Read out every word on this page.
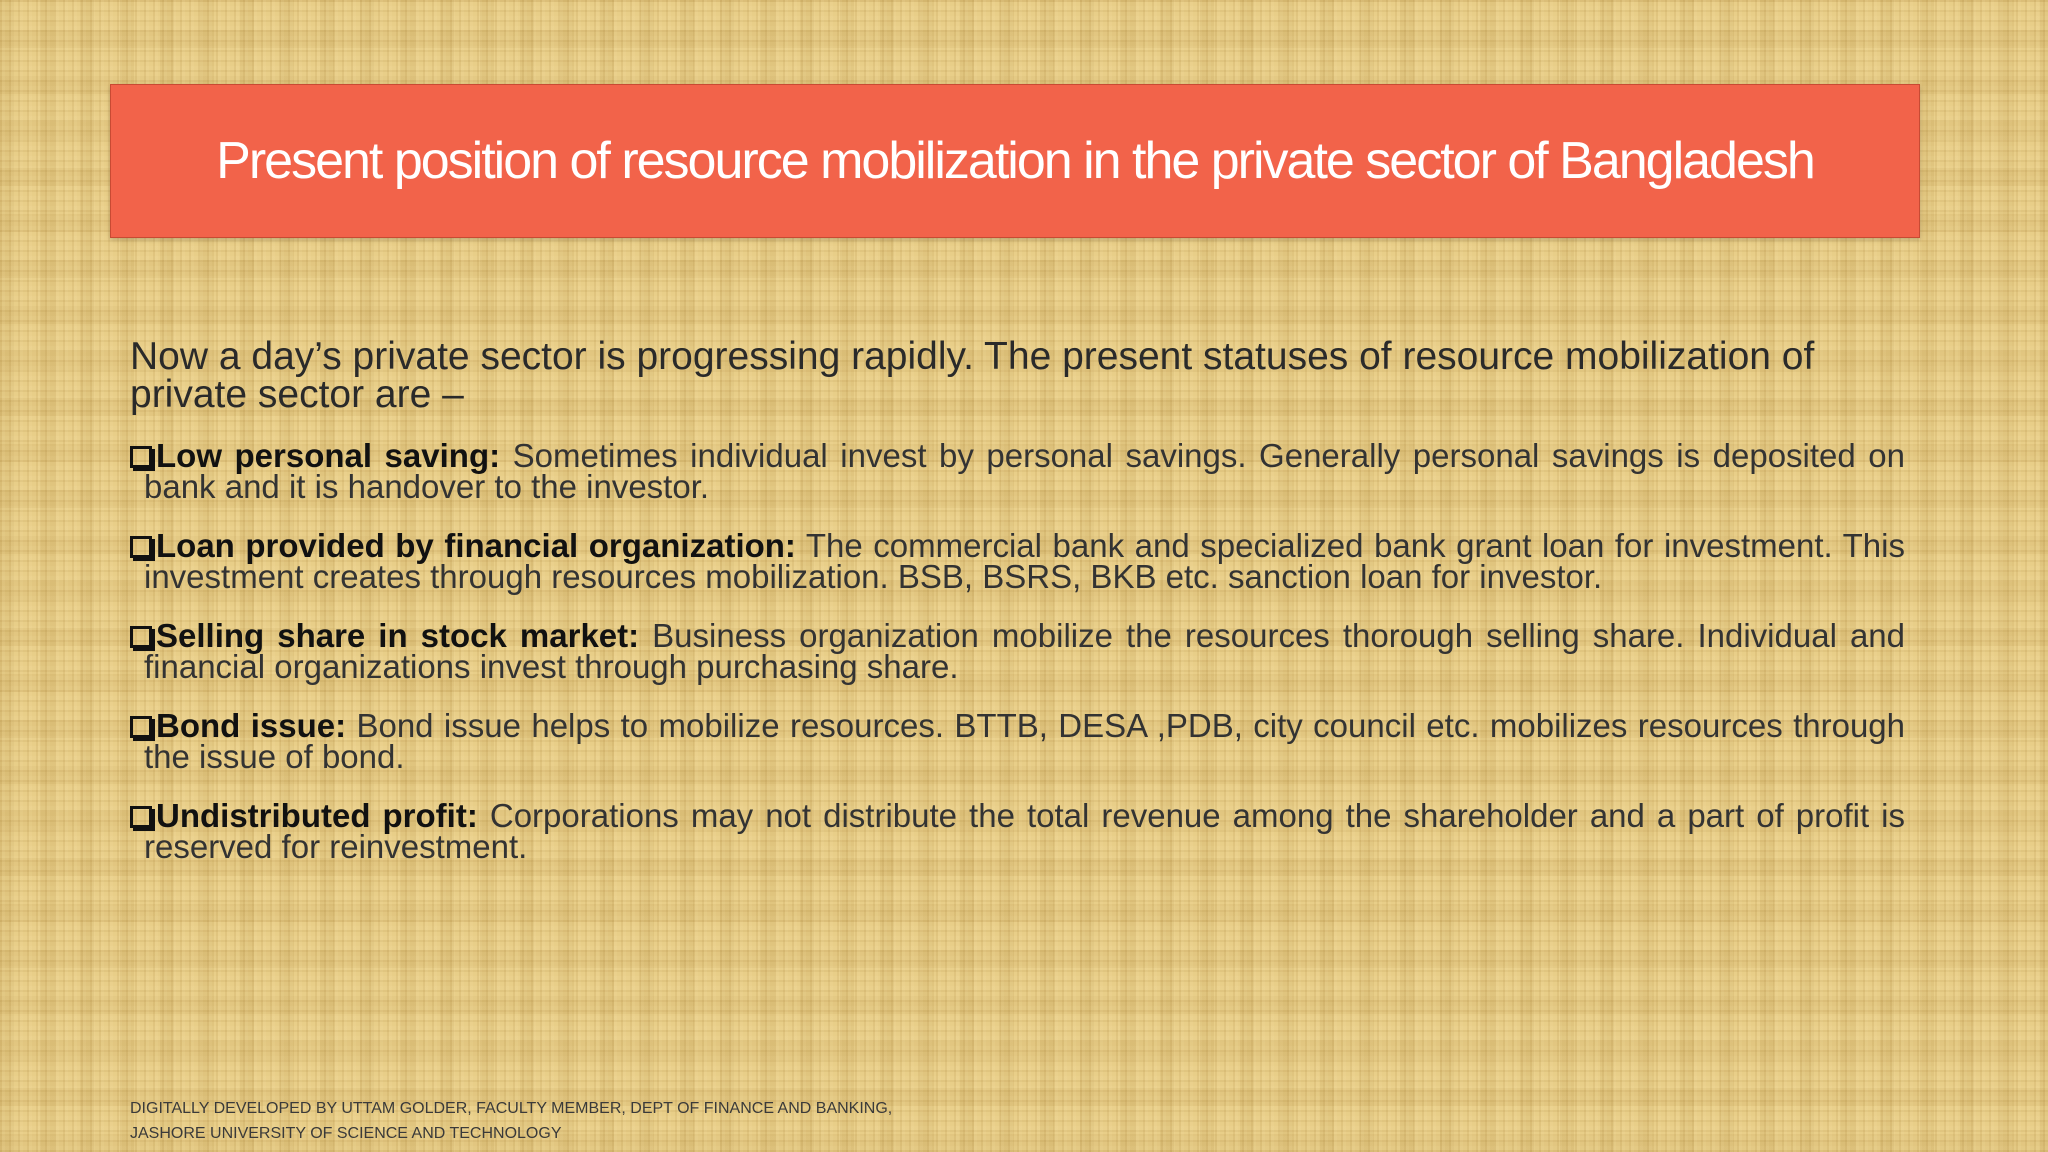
Present position of resource mobilization in the private sector of Bangladesh

Now a day’s private sector is progressing rapidly. The present statuses of resource mobilization of private sector are –

Low personal saving: Sometimes individual invest by personal savings. Generally personal savings is deposited on bank and it is handover to the investor.

Loan provided by financial organization: The commercial bank and specialized bank grant loan for investment. This investment creates through resources mobilization. BSB, BSRS, BKB etc. sanction loan for investor.

Selling share in stock market: Business organization mobilize the resources thorough selling share. Individual and financial organizations invest through purchasing share.

Bond issue: Bond issue helps to mobilize resources. BTTB, DESA ,PDB, city council etc. mobilizes resources through the issue of bond.

Undistributed profit: Corporations may not distribute the total revenue among the shareholder and a part of profit is reserved for reinvestment.

DIGITALLY DEVELOPED BY UTTAM GOLDER, FACULTY MEMBER, DEPT OF FINANCE AND BANKING,
JASHORE UNIVERSITY OF SCIENCE AND TECHNOLOGY
